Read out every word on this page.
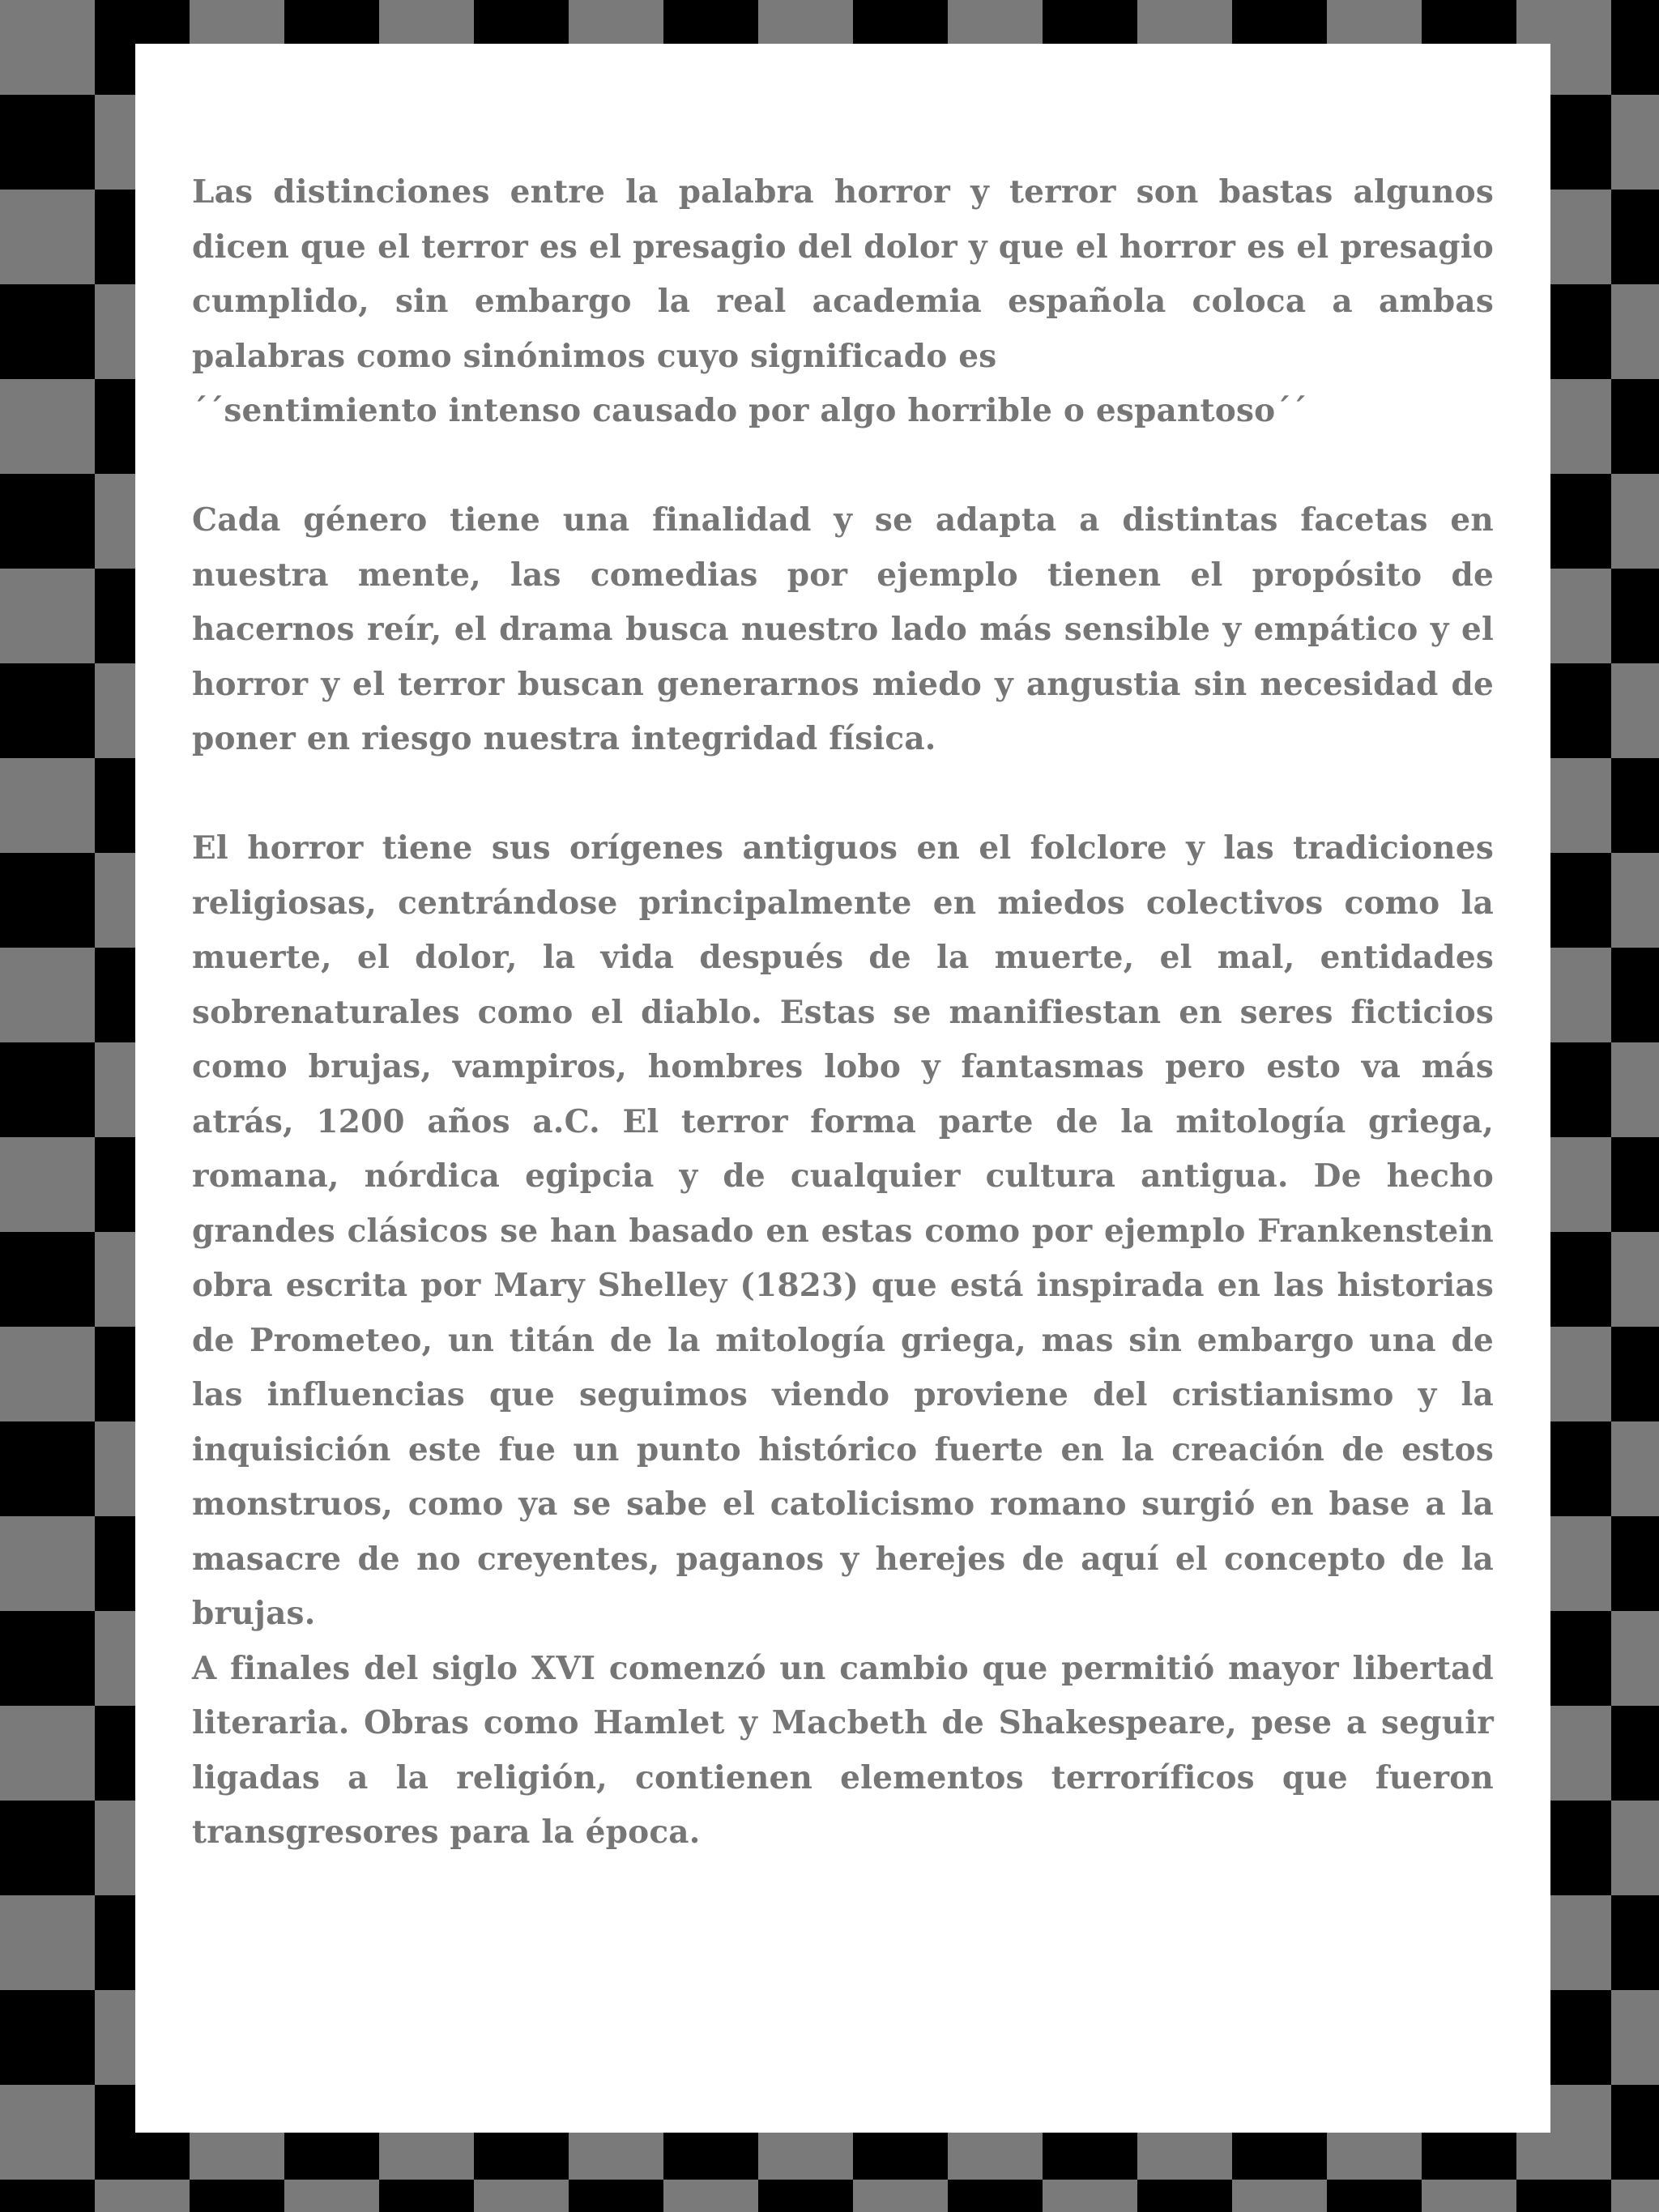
Las distinciones entre la palabra horror y terror son bastas algunos dicen que el terror es el presagio del dolor y que el horror es el presagio cumplido, sin embargo la real academia española coloca a ambas palabras como sinónimos cuyo significado es

´´sentimiento intenso causado por algo horrible o espantoso´´

Cada género tiene una finalidad y se adapta a distintas facetas en nuestra mente, las comedias por ejemplo tienen el propósito de hacernos reír, el drama busca nuestro lado más sensible y empático y el horror y el terror buscan generarnos miedo y angustia sin necesidad de poner en riesgo nuestra integridad física.

El horror tiene sus orígenes antiguos en el folclore y las tradiciones religiosas, centrándose principalmente en miedos colectivos como la muerte, el dolor, la vida después de la muerte, el mal, entidades sobrenaturales como el diablo. Estas se manifiestan en seres ficticios como brujas, vampiros, hombres lobo y fantasmas pero esto va más atrás, 1200 años a.C. El terror forma parte de la mitología griega, romana, nórdica egipcia y de cualquier cultura antigua. De hecho grandes clásicos se han basado en estas como por ejemplo Frankenstein obra escrita por Mary Shelley (1823) que está inspirada en las historias de Prometeo, un titán de la mitología griega, mas sin embargo una de las influencias que seguimos viendo proviene del cristianismo y la inquisición este fue un punto histórico fuerte en la creación de estos monstruos, como ya se sabe el catolicismo romano surgió en base a la masacre de no creyentes, paganos y herejes de aquí el concepto de la brujas.

A finales del siglo XVI comenzó un cambio que permitió mayor libertad literaria. Obras como Hamlet y Macbeth de Shakespeare, pese a seguir ligadas a la religión, contienen elementos terroríficos que fueron transgresores para la época.
